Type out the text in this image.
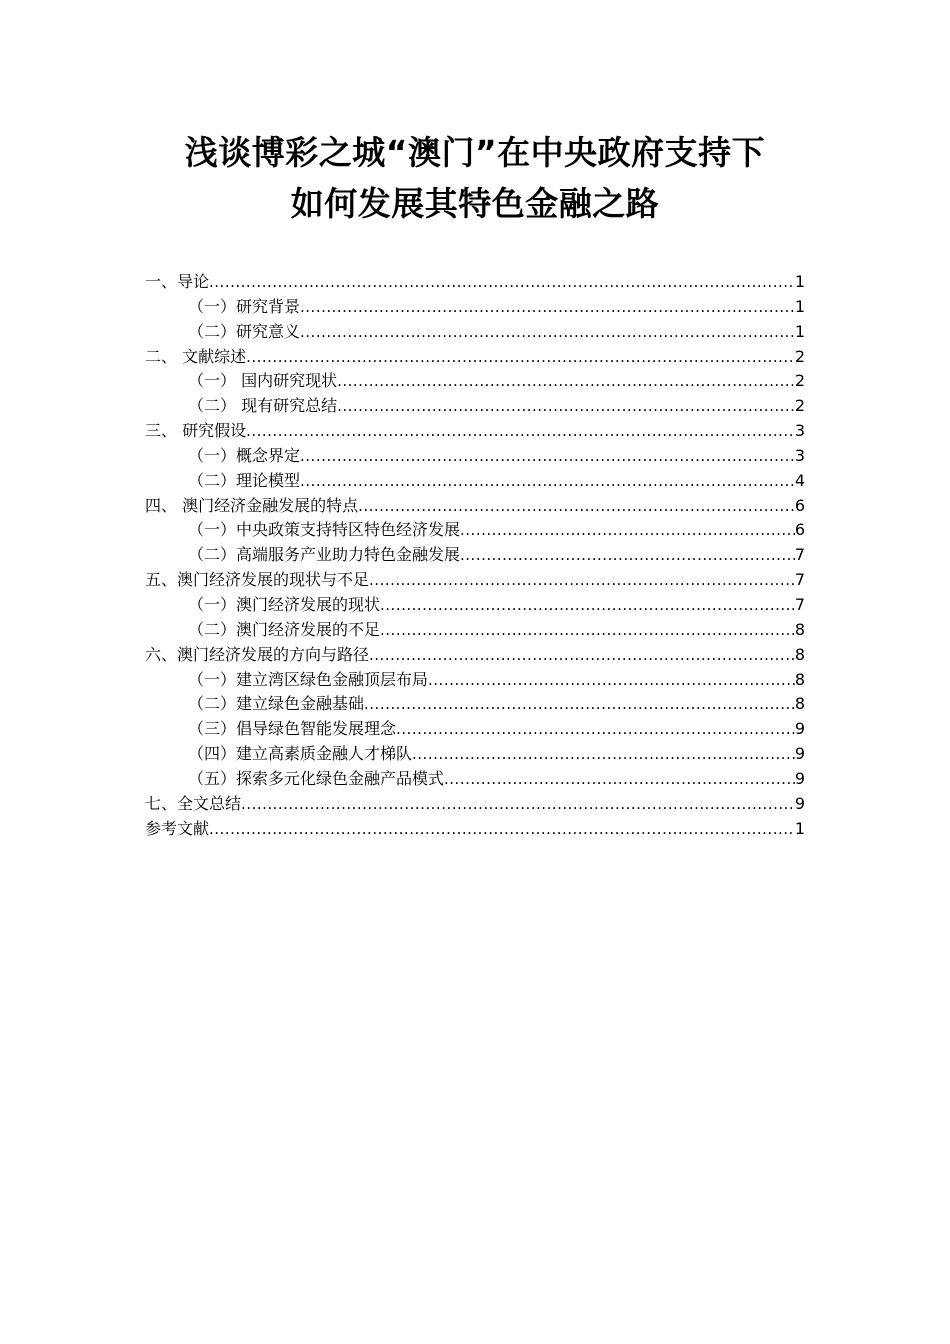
浅谈博彩之城“澳门”在中央政府支持下
如何发展其特色金融之路
一、导论 .....	1
（一）研究背景 .....	1
（二）研究意义 .....	1
二、 文献综述 .....	2
（一） 国内研究现状 .....	2
（二） 现有研究总结 .....	2
三、 研究假设 .....	3
（一）概念界定 .....	3
（二）理论模型 .....	4
四、 澳门经济金融发展的特点 .....	6
（一）中央政策支持特区特色经济发展 .....	6
（二）高端服务产业助力特色金融发展 .....	7
五、澳门经济发展的现状与不足 .....	7
（一）澳门经济发展的现状 .....	7
（二）澳门经济发展的不足 .....	8
六、澳门经济发展的方向与路径 .....	8
（一）建立湾区绿色金融顶层布局 .....	8
（二）建立绿色金融基础 .....	8
（三）倡导绿色智能发展理念 .....	9
（四）建立高素质金融人才梯队 .....	9
（五）探索多元化绿色金融产品模式 .....	9
七、全文总结 .....	9
参考文献 .....	1
